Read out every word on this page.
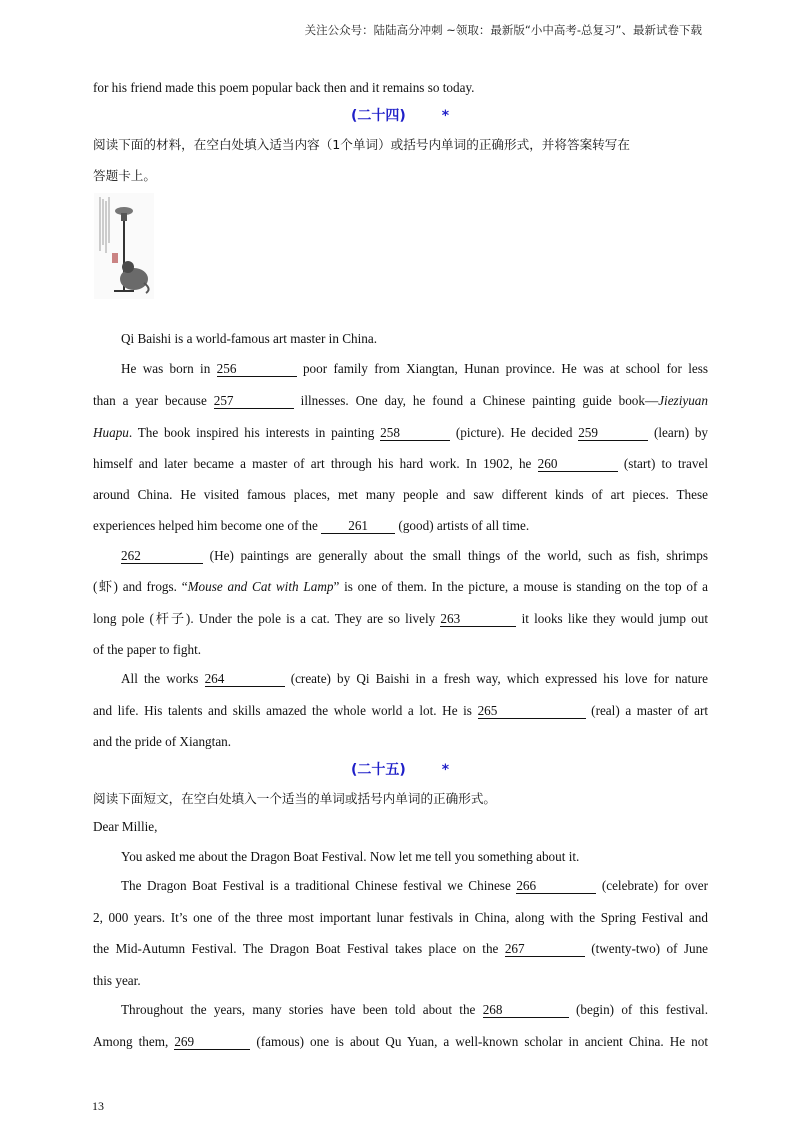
关注公众号：陆陆高分冲刺 ~领取：最新版“小中高考-总复习”、最新试卷下载
for his friend made this poem popular back then and it remains so today.
(二十四)	*
阅读下面的材料，在空白处填入适当内容（1个单词）或括号内单词的正确形式，并将答案转写在
答题卡上。
Qi Baishi is a world-famous art master in China.
He was born in 256	poor family from Xiangtan, Hunan province. He was at school for less
than a year because 257	illnesses. One day, he found a Chinese painting guide book—Jieziyuan
Huapu. The book inspired his interests in painting 258	(picture). He decided 259	(learn) by
himself and later became a master of art through his hard work. In 1902, he 260	(start) to travel
around China. He visited famous places, met many people and saw different kinds of art pieces. These
experiences helped him become one of the 261 (good) artists of all time.
262	(He) paintings are generally about the small things of the world, such as fish, shrimps
(虾) and frogs. “Mouse and Cat with Lamp” is one of them. In the picture, a mouse is standing on the top of a
long pole (杆子). Under the pole is a cat. They are so lively 263	it looks like they would jump out
of the paper to fight.
All the works 264	(create) by Qi Baishi in a fresh way, which expressed his love for nature
and life. His talents and skills amazed the whole world a lot. He is 265	(real) a master of art
and the pride of Xiangtan.
(二十五)	*
阅读下面短文，在空白处填入一个适当的单词或括号内单词的正确形式。
Dear Millie,
You asked me about the Dragon Boat Festival. Now let me tell you something about it.
The Dragon Boat Festival is a traditional Chinese festival we Chinese 266	(celebrate) for over
2, 000 years. It’s one of the three most important lunar festivals in China, along with the Spring Festival and
the Mid-Autumn Festival. The Dragon Boat Festival takes place on the 267	(twenty-two) of June
this year.
Throughout the years, many stories have been told about the 268	(begin) of this festival.
Among them, 269	(famous) one is about Qu Yuan, a well-known scholar in ancient China. He not
13
